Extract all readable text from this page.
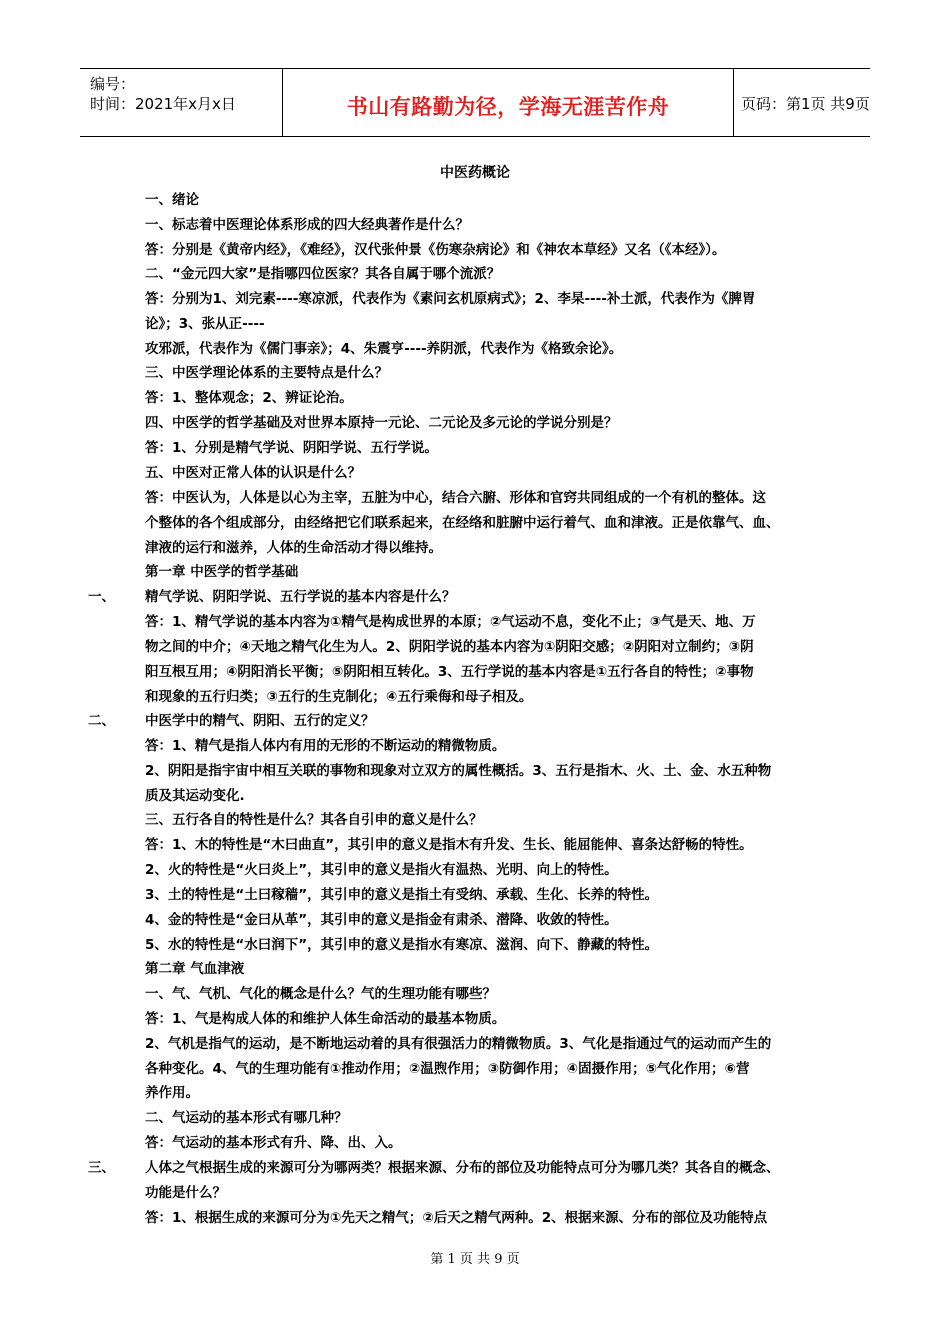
编号：
时间：2021年x月x日	书山有路勤为径，学海无涯苦作舟	页码：第1页 共9页
中医药概论
一、绪论
一、标志着中医理论体系形成的四大经典著作是什么？
答：分别是《黄帝内经》，《难经》，汉代张仲景《伤寒杂病论》和《神农本草经》又名（《本经》）。
二、“金元四大家”是指哪四位医家？其各自属于哪个流派？
答：分别为1、刘完素----寒凉派，代表作为《素问玄机原病式》；2、李杲----补土派，代表作为《脾胃
论》；3、张从正----
攻邪派，代表作为《儒门事亲》；4、朱震亨----养阴派，代表作为《格致余论》。
三、中医学理论体系的主要特点是什么？
答：1、整体观念；2、辨证论治。
四、中医学的哲学基础及对世界本原持一元论、二元论及多元论的学说分别是？
答：1、分别是精气学说、阴阳学说、五行学说。
五、中医对正常人体的认识是什么？
答：中医认为，人体是以心为主宰，五脏为中心，结合六腑、形体和官窍共同组成的一个有机的整体。这
个整体的各个组成部分，由经络把它们联系起来，在经络和脏腑中运行着气、血和津液。正是依靠气、血、
津液的运行和滋养，人体的生命活动才得以维持。
第一章 中医学的哲学基础
一、 精气学说、阴阳学说、五行学说的基本内容是什么？
答：1、精气学说的基本内容为①精气是构成世界的本原；②气运动不息，变化不止；③气是天、地、万
物之间的中介；④天地之精气化生为人。2、阴阳学说的基本内容为①阴阳交感；②阴阳对立制约；③阴
阳互根互用；④阴阳消长平衡；⑤阴阳相互转化。3、五行学说的基本内容是①五行各自的特性；②事物
和现象的五行归类；③五行的生克制化；④五行乘侮和母子相及。
二、 中医学中的精气、阴阳、五行的定义？
答：1、精气是指人体内有用的无形的不断运动的精微物质。
2、阴阳是指宇宙中相互关联的事物和现象对立双方的属性概括。3、五行是指木、火、土、金、水五种物
质及其运动变化.
三、五行各自的特性是什么？其各自引申的意义是什么？
答：1、木的特性是“木曰曲直”，其引申的意义是指木有升发、生长、能屈能伸、喜条达舒畅的特性。
2、火的特性是“火曰炎上”，其引申的意义是指火有温热、光明、向上的特性。
3、土的特性是“土曰稼穑”，其引申的意义是指土有受纳、承载、生化、长养的特性。
4、金的特性是“金曰从革”，其引申的意义是指金有肃杀、潜降、收敛的特性。
5、水的特性是“水曰润下”，其引申的意义是指水有寒凉、滋润、向下、静藏的特性。
第二章 气血津液
一、气、气机、气化的概念是什么？气的生理功能有哪些？
答：1、气是构成人体的和维护人体生命活动的最基本物质。
2、气机是指气的运动，是不断地运动着的具有很强活力的精微物质。3、气化是指通过气的运动而产生的
各种变化。4、气的生理功能有①推动作用；②温煦作用；③防御作用；④固摄作用；⑤气化作用；⑥营
养作用。
二、气运动的基本形式有哪几种？
答：气运动的基本形式有升、降、出、入。
三、 人体之气根据生成的来源可分为哪两类？根据来源、分布的部位及功能特点可分为哪几类？其各自的概念、
功能是什么？
答：1、根据生成的来源可分为①先天之精气；②后天之精气两种。2、根据来源、分布的部位及功能特点
第 1 页 共 9 页
